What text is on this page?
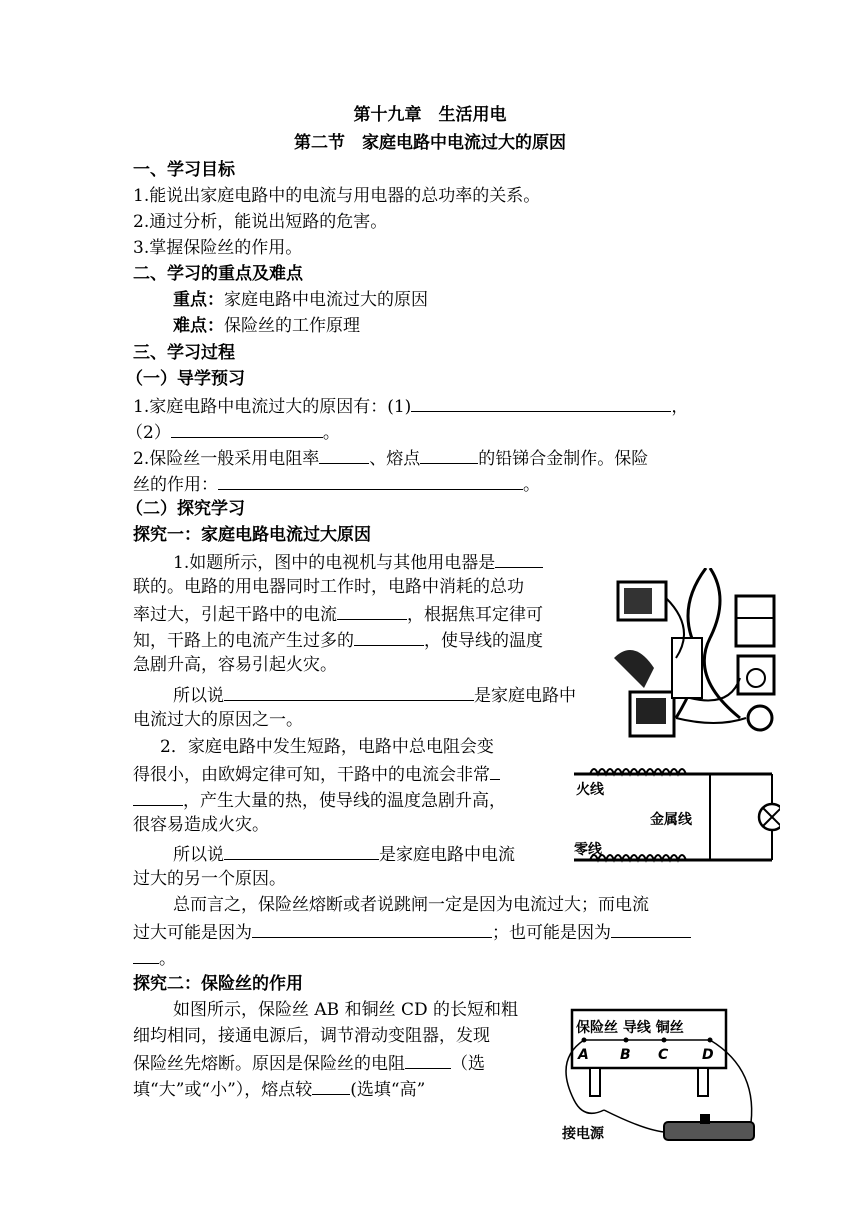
第十九章　生活用电
第二节　家庭电路中电流过大的原因
一、学习目标
1.能说出家庭电路中的电流与用电器的总功率的关系。
2.通过分析，能说出短路的危害。
3.掌握保险丝的作用。
二、学习的重点及难点
重点：家庭电路中电流过大的原因
难点：保险丝的工作原理
三、学习过程
（一）导学预习
1.家庭电路中电流过大的原因有：(1)	，
（2）	。
2.保险丝一般采用电阻率	、熔点	的铅锑合金制作。保险
丝的作用：	。
（二）探究学习
探究一：家庭电路电流过大原因
1.如题所示，图中的电视机与其他用电器是
联的。电路的用电器同时工作时，电路中消耗的总功
率过大，引起干路中的电流	，根据焦耳定律可
知，干路上的电流产生过多的	，使导线的温度
急剧升高，容易引起火灾。
所以说	是家庭电路中
电流过大的原因之一。
2．家庭电路中发生短路，电路中总电阻会变
得很小，由欧姆定律可知，干路中的电流会非常
，产生大量的热，使导线的温度急剧升高，
很容易造成火灾。
所以说	是家庭电路中电流
过大的另一个原因。
总而言之，保险丝熔断或者说跳闸一定是因为电流过大；而电流
过大可能是因为	；也可能是因为
。
探究二：保险丝的作用
如图所示，保险丝 AB 和铜丝 CD 的长短和粗
细均相同，接通电源后，调节滑动变阻器，发现
保险丝先熔断。原因是保险丝的电阻	（选
填“大”或“小”），熔点较 (选填“高”
火线
金属线
零线
保险丝 导线 铜丝
A B C D
接电源
